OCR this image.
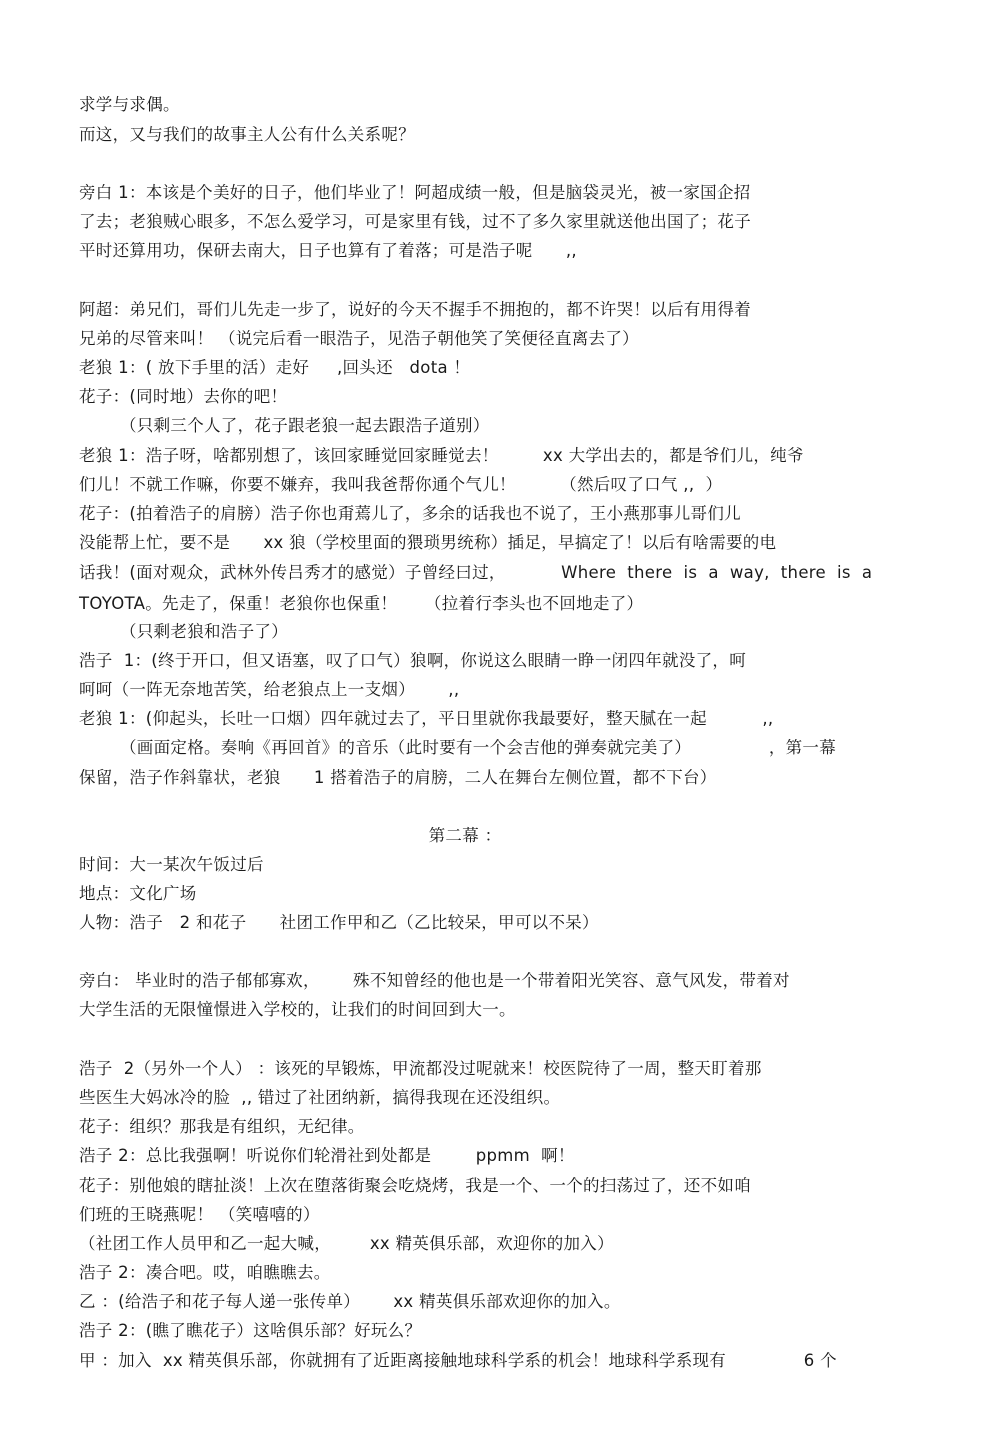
求学与求偶。
而这，又与我们的故事主人公有什么关系呢？
旁白 1：本该是个美好的日子，他们毕业了！阿超成绩一般，但是脑袋灵光，被一家国企招
了去；老狼贼心眼多，不怎么爱学习，可是家里有钱，过不了多久家里就送他出国了；花子
平时还算用功，保研去南大，日子也算有了着落；可是浩子呢      ,,
阿超：弟兄们，哥们儿先走一步了，说好的今天不握手不拥抱的，都不许哭！以后有用得着
兄弟的尽管来叫！ （说完后看一眼浩子，见浩子朝他笑了笑便径直离去了）
老狼 1：( 放下手里的活）走好     ,回头还   dota ！
花子：(同时地）去你的吧！
（只剩三个人了，花子跟老狼一起去跟浩子道别）
老狼 1：浩子呀，啥都别想了，该回家睡觉回家睡觉去！        xx 大学出去的，都是爷们儿，纯爷
们儿！不就工作嘛，你要不嫌弃，我叫我爸帮你通个气儿！        （然后叹了口气 ,,  ）
花子：(拍着浩子的肩膀）浩子你也甭蔫儿了，多余的话我也不说了，王小燕那事儿哥们儿
没能帮上忙，要不是      xx 狼（学校里面的猥琐男统称）插足，早搞定了！以后有啥需要的电
话我！(面对观众，武林外传吕秀才的感觉）子曾经曰过，          Where  there  is  a  way,  there  is  a
TOYOTA。先走了，保重！老狼你也保重！     （拉着行李头也不回地走了）
（只剩老狼和浩子了）
浩子  1：(终于开口，但又语塞，叹了口气）狼啊，你说这么眼睛一睁一闭四年就没了，呵
呵呵（一阵无奈地苦笑，给老狼点上一支烟）      ,,
老狼 1：(仰起头，长吐一口烟）四年就过去了，平日里就你我最要好，整天腻在一起          ,,
（画面定格。奏响《再回首》的音乐（此时要有一个会吉他的弹奏就完美了）              ，第一幕
保留，浩子作斜靠状，老狼      1 搭着浩子的肩膀，二人在舞台左侧位置，都不下台）
第二幕 ：
时间：大一某次午饭过后
地点：文化广场
人物：浩子   2 和花子      社团工作甲和乙（乙比较呆，甲可以不呆）
旁白： 毕业时的浩子郁郁寡欢，      殊不知曾经的他也是一个带着阳光笑容、意气风发，带着对
大学生活的无限憧憬进入学校的，让我们的时间回到大一。
浩子  2（另外一个人） ：该死的早锻炼，甲流都没过呢就来！校医院待了一周，整天盯着那
些医生大妈冰冷的脸  ,, 错过了社团纳新，搞得我现在还没组织。
花子：组织？那我是有组织，无纪律。
浩子 2：总比我强啊！听说你们轮滑社到处都是        ppmm  啊！
花子：别他娘的瞎扯淡！上次在堕落街聚会吃烧烤，我是一个、一个的扫荡过了，还不如咱
们班的王晓燕呢！ （笑嘻嘻的）
（社团工作人员甲和乙一起大喊，       xx 精英俱乐部，欢迎你的加入）
浩子 2：凑合吧。哎，咱瞧瞧去。
乙 ：(给浩子和花子每人递一张传单）      xx 精英俱乐部欢迎你的加入。
浩子 2：(瞧了瞧花子）这啥俱乐部？好玩么？
甲 ：加入  xx 精英俱乐部，你就拥有了近距离接触地球科学系的机会！地球科学系现有              6 个
